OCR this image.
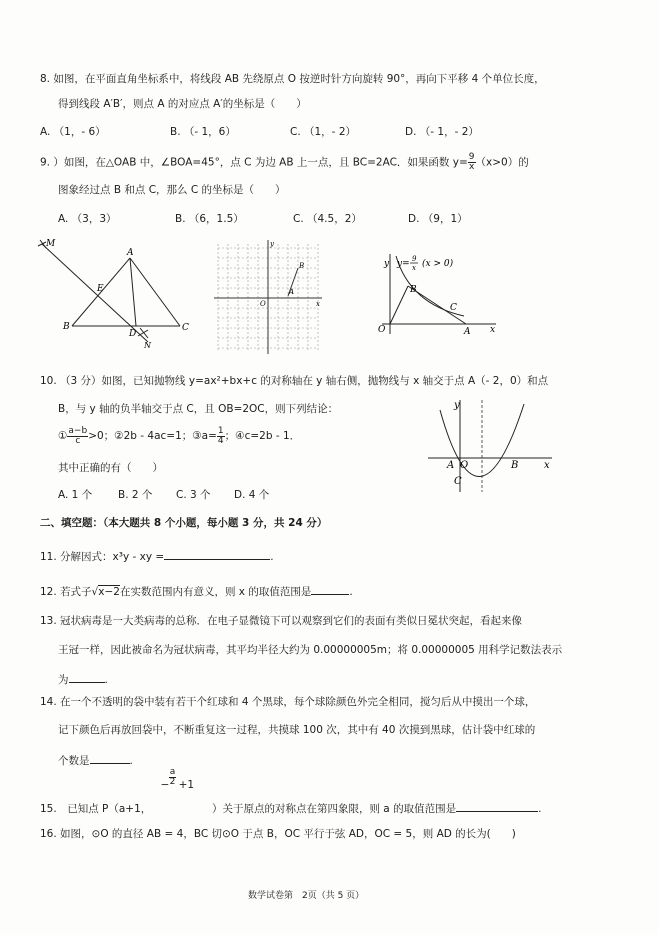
8. 如图，在平面直角坐标系中，将线段 AB 先绕原点 O 按逆时针方向旋转 90°，再向下平移 4 个单位长度，
得到线段 A′B′，则点 A 的对应点 A′的坐标是（　　）
A. （1，- 6）	B. （- 1，6）	C. （1，- 2）	D. （- 1，- 2）
9. ）如图，在△OAB 中，∠BOA=45°，点 C 为边 AB 上一点，且 BC=2AC．如果函数 $y= \frac{9}{x} (x>0)$的
图象经过点 B 和点 C，那么 C 的坐标是（　　）
A. （3，3）	B. （6，1.5）	C. （4.5，2）	D. （9，1）
M
A
E
B
D
C
N
y
x
O
B
A
y y= 9
x (x > 0)
B
C
O	A x
10. （3 分）如图，已知抛物线 y=ax²+bx+c 的对称轴在 y 轴右侧，抛物线与 x 轴交于点 A（- 2，0）和点
B，与 y 轴的负半轴交于点 C，且 OB=2OC，则下列结论：
① $\frac{a-b}{c} >0$；②2b - 4ac=1；③a= $\frac{1}{4}$ ；④c=2b - 1．
其中正确的有（　　）
A. 1 个 B. 2 个 C. 3 个 D. 4 个
y
A O	B	x
C
二、填空题：（本大题共 8 个小题，每小题 3 分，共 24 分）
11. 分解因式：x³y - xy =	.
12. 若式子√x−2在实数范围内有意义，则 x 的取值范围是	.
13. 冠状病毒是一大类病毒的总称．在电子显微镜下可以观察到它们的表面有类似日冕状突起，看起来像
王冠一样，因此被命名为冠状病毒，其平均半径大约为 0.00000005m；将 0.00000005 用科学记数法表示
为	.
14. 在一个不透明的袋中装有若干个红球和 4 个黑球，每个球除颜色外完全相同，搅匀后从中摸出一个球，
记下颜色后再放回袋中，不断重复这一过程，共摸球 100 次，其中有 40 次摸到黑球，估计袋中红球的
个数是	.
15.　已知点 P（a+1，
− $\frac{a}{2} +1$
）关于原点的对称点在第四象限，则 a 的取值范围是	.
16. 如图，⊙O 的直径 AB = 4，BC 切⊙O 于点 B，OC 平行于弦 AD，OC = 5，则 AD 的长为(　　)
数学试卷第　2页（共 5 页）
